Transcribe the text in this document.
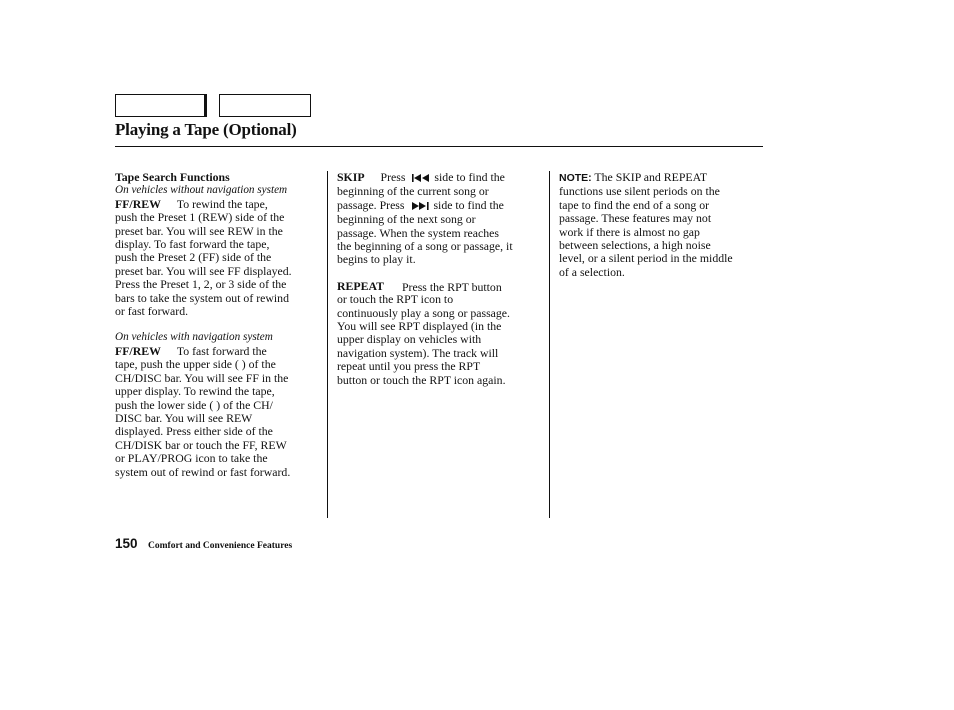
Playing a Tape (Optional)
Tape Search Functions
On vehicles without navigation system
FF/REW To rewind the tape,
push the Preset 1 (REW) side of the
preset bar. You will see REW in the
display. To fast forward the tape,
push the Preset 2 (FF) side of the
preset bar. You will see FF displayed.
Press the Preset 1, 2, or 3 side of the
bars to take the system out of rewind
or fast forward.
On vehicles with navigation system
FF/REW To fast forward the
tape, push the upper side ( ) of the
CH/DISC bar. You will see FF in the
upper display. To rewind the tape,
push the lower side ( ) of the CH/
DISC bar. You will see REW
displayed. Press either side of the
CH/DISK bar or touch the FF, REW
or PLAY/PROG icon to take the
system out of rewind or fast forward.
SKIP Press side to find the
beginning of the current song or
passage. Press side to find the
beginning of the next song or
passage. When the system reaches
the beginning of a song or passage, it
begins to play it.
REPEAT Press the RPT button
or touch the RPT icon to
continuously play a song or passage.
You will see RPT displayed (in the
upper display on vehicles with
navigation system). The track will
repeat until you press the RPT
button or touch the RPT icon again.
NOTE: The SKIP and REPEAT
functions use silent periods on the
tape to find the end of a song or
passage. These features may not
work if there is almost no gap
between selections, a high noise
level, or a silent period in the middle
of a selection.
150 Comfort and Convenience Features
